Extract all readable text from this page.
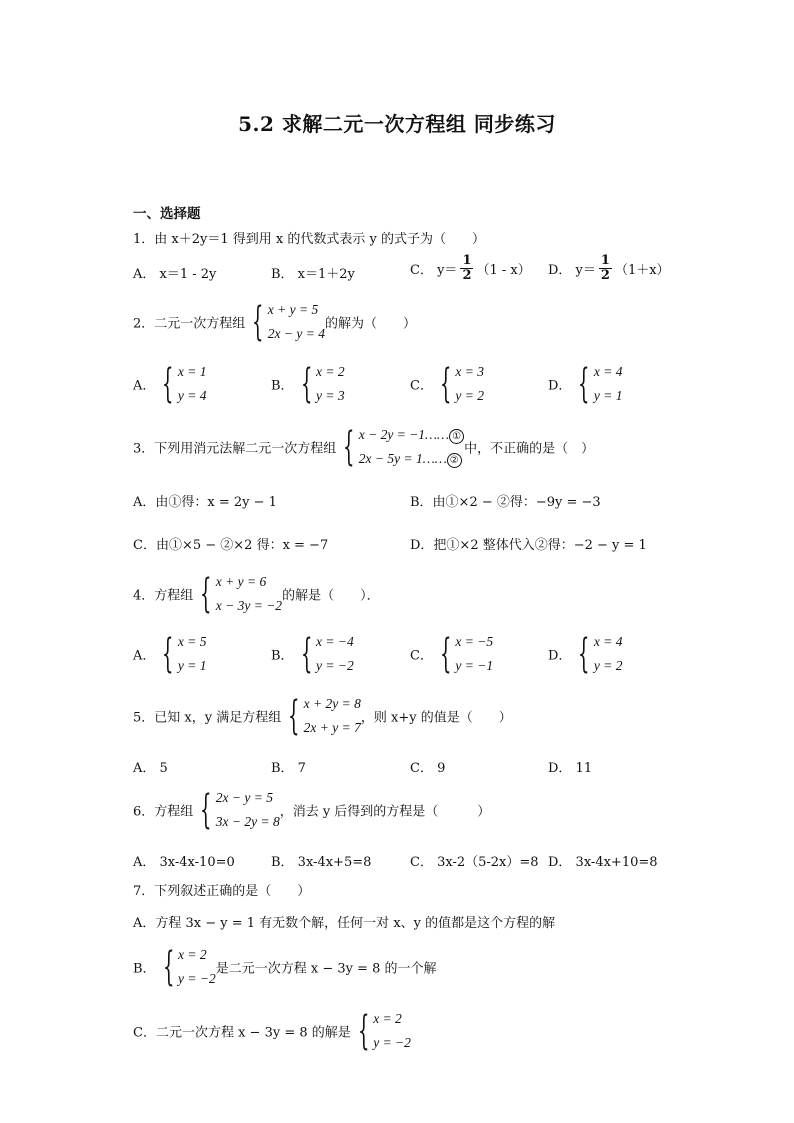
5.2 求解二元一次方程组 同步练习
一、选择题
1．由 x＋2y＝1 得到用 x 的代数式表示 y 的式子为（　　）
A． x＝1 - 2y	B． x＝1＋2y	C． $y= \frac{1}{2} (1 - x)$ D． $y= \frac{1}{2} (1+x)$
2．二元一次方程组 { x + y = 5
2x − y = 4
的解为（　　）
A． { x = 1
y = 4
B． { x = 2
y = 3
C． { x = 3
y = 2
D． { x = 4
y = 1
3．下列用消元法解二元一次方程组 { x − 2y = −1…… ①
2x − 5y = 1…… ②
中，不正确的是（　）
A．由①得：x = 2y − 1	B．由①×2 − ②得：−9y = −3
C．由①×5 − ②×2 得：x = −7	D．把①×2 整体代入②得：−2 − y = 1
4．方程组 { x + y = 6
x − 3y = −2
的解是（　　）．
A． { x = 5
y = 1
B． { x = −4
y = −2
C． { x = −5
y = −1
D． { x = 4
y = 2
5．已知 x，y 满足方程组 { x + 2y = 8
2x + y = 7
，则 x+y 的值是（　　）
A． 5	B． 7	C． 9	D． 11
6．方程组 { 2x − y = 5
3x − 2y = 8
，消去 y 后得到的方程是（　　　）
A． 3x-4x-10=0	B． 3x-4x+5=8	C． 3x-2（5-2x）=8 D． 3x-4x+10=8
7．下列叙述正确的是（　　）
A．方程 3x − y = 1 有无数个解，任何一对 x、y 的值都是这个方程的解
B． { x = 2
y = −2
是二元一次方程 x − 3y = 8 的一个解
C．二元一次方程 x − 3y = 8 的解是 { x = 2
y = −2
